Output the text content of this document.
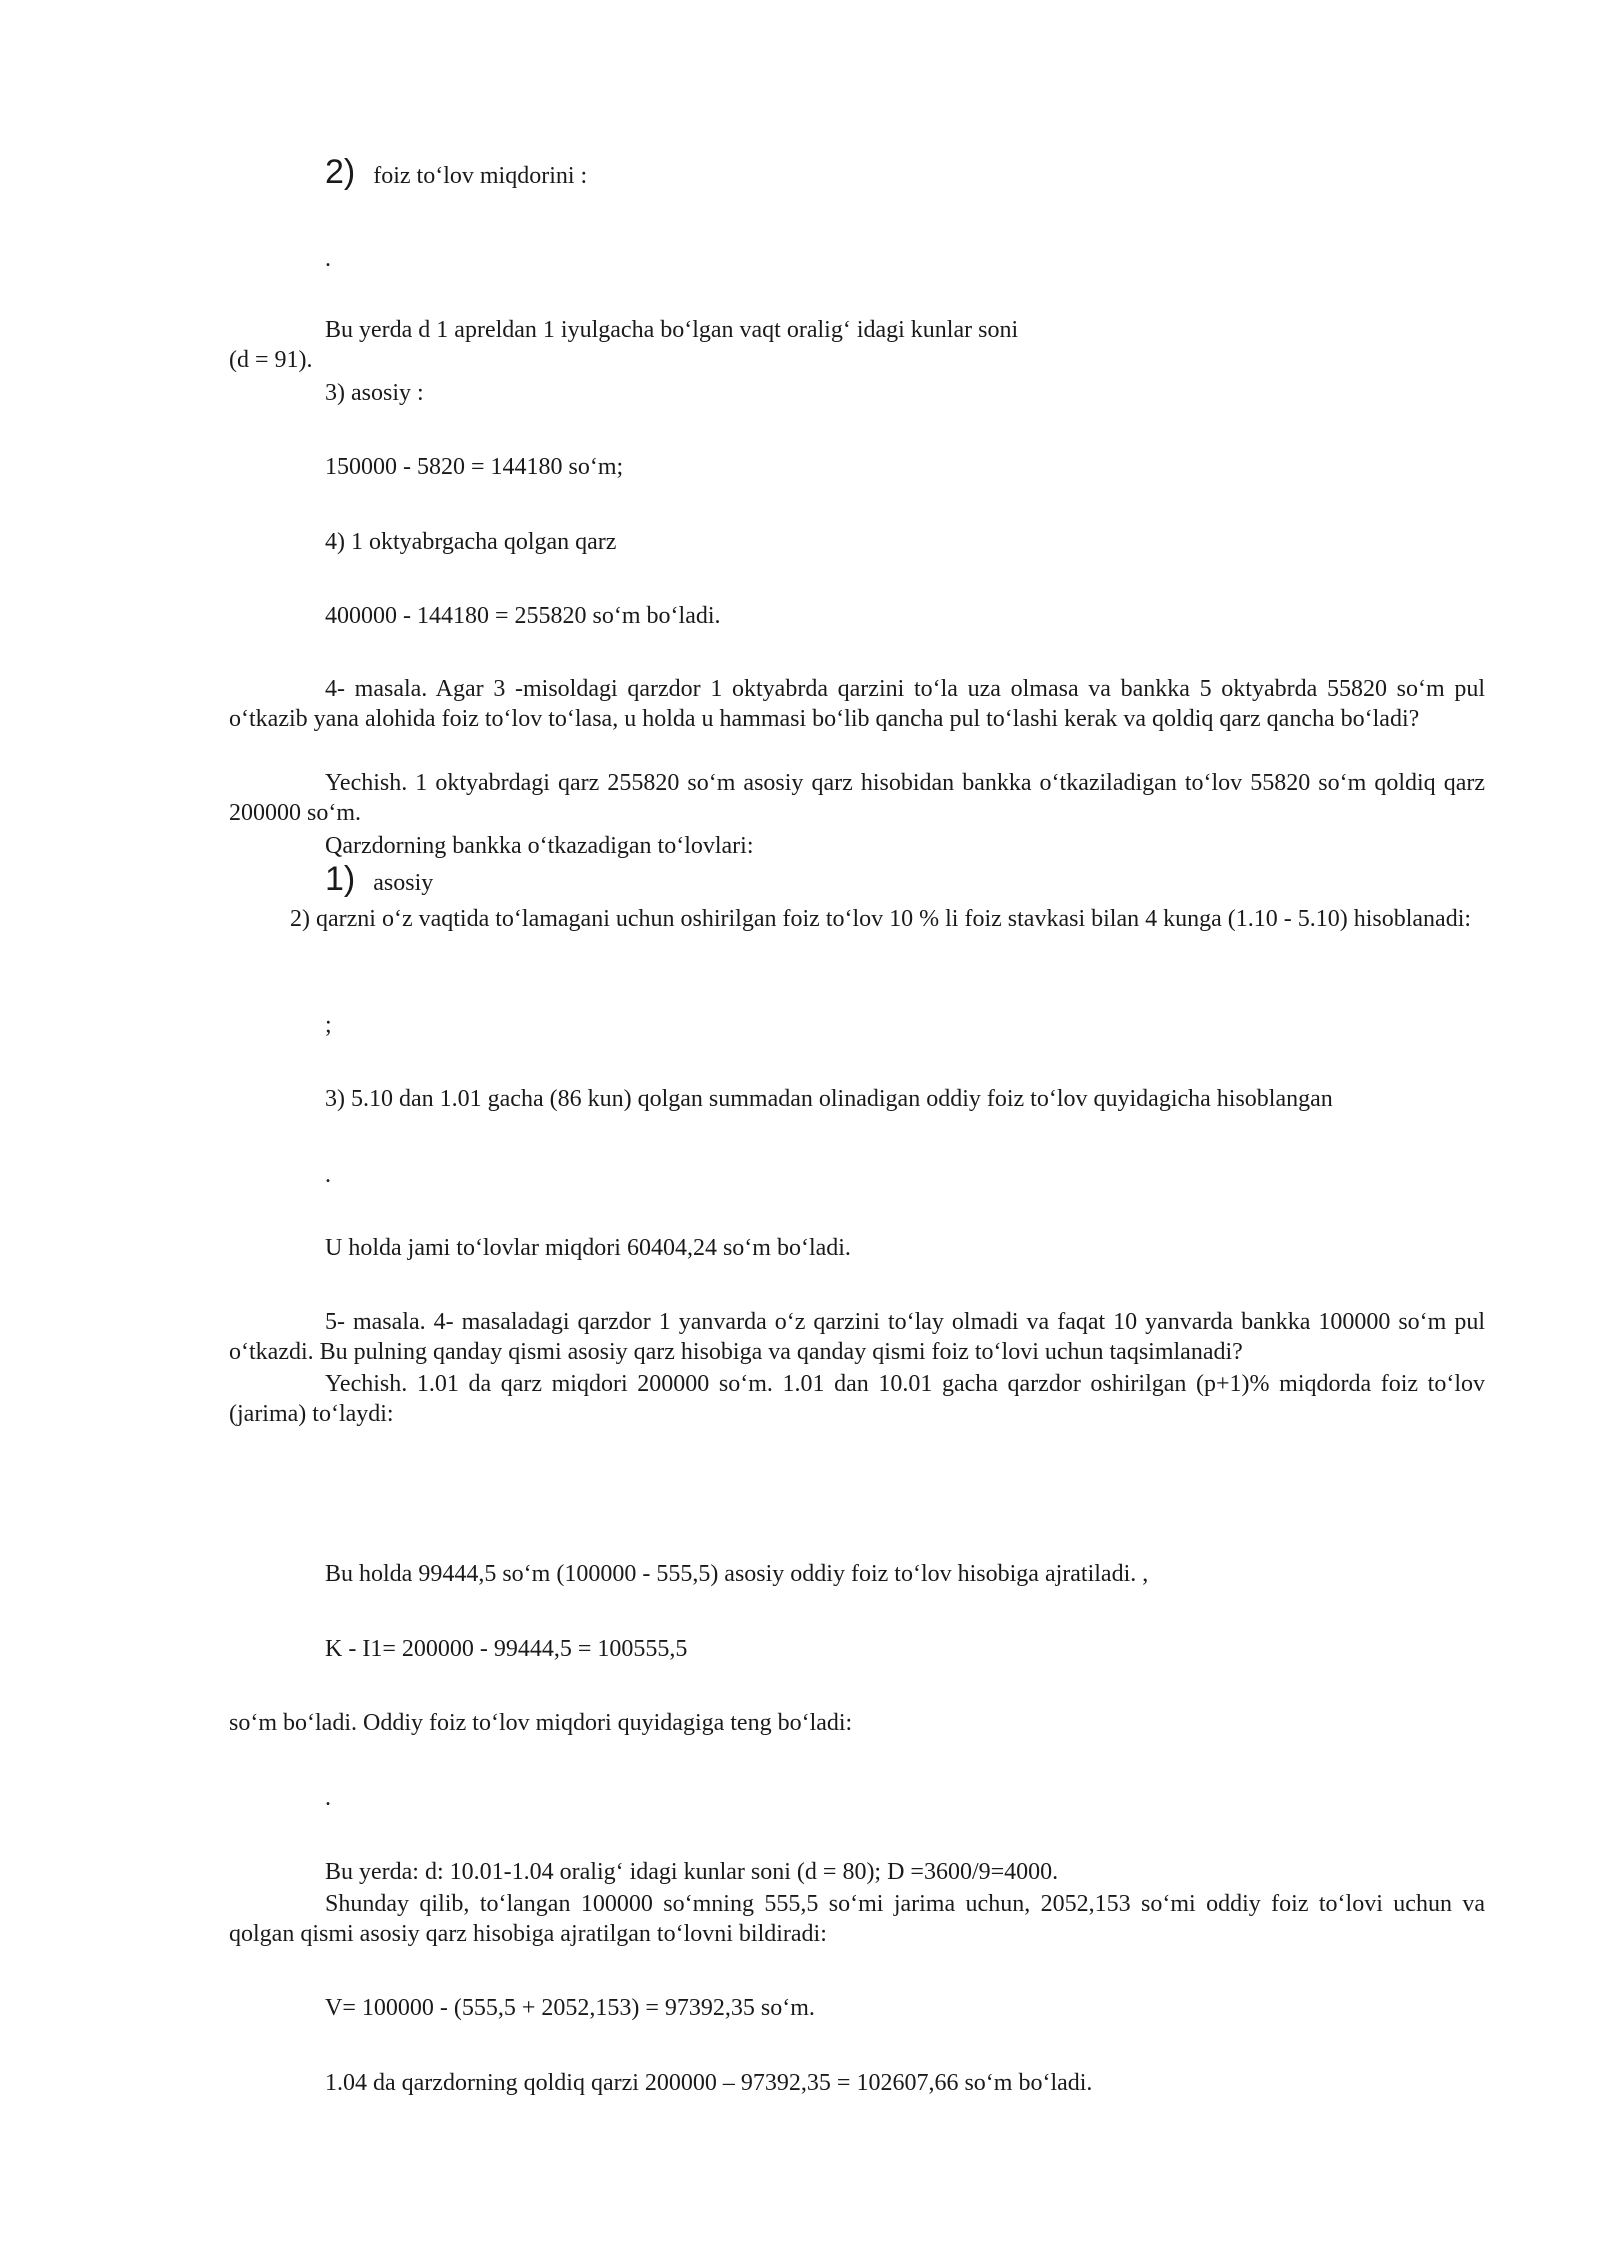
2) foiz to‘lov miqdorini :
.
Bu yerda d 1 apreldan 1 iyulgacha bo‘lgan vaqt oralig‘ idagi kunlar soni
(d = 91).
3) asosiy :
150000 - 5820 = 144180 so‘m;
4) 1 oktyabrgacha qolgan qarz
400000 - 144180 = 255820 so‘m bo‘ladi.
4- masala. Agar 3 -misoldagi qarzdor 1 oktyabrda qarzini to‘la uza olmasa va bankka 5 oktyabrda 55820 so‘m pul o‘tkazib yana alohida foiz to‘lov to‘lasa, u holda u hammasi bo‘lib qancha pul to‘lashi kerak va qoldiq qarz qancha bo‘ladi?
Yechish. 1 oktyabrdagi qarz 255820 so‘m asosiy qarz hisobidan bankka o‘tkaziladigan to‘lov 55820 so‘m qoldiq qarz 200000 so‘m.
Qarzdorning bankka o‘tkazadigan to‘lovlari:
1) asosiy
2) qarzni o‘z vaqtida to‘lamagani uchun oshirilgan foiz to‘lov 10 % li foiz stavkasi bilan 4 kunga (1.10 - 5.10) hisoblanadi:
;
3) 5.10 dan 1.01 gacha (86 kun) qolgan summadan olinadigan oddiy foiz to‘lov quyidagicha hisoblangan
.
U holda jami to‘lovlar miqdori 60404,24 so‘m bo‘ladi.
5- masala. 4- masaladagi qarzdor 1 yanvarda o‘z qarzini to‘lay olmadi va faqat 10 yanvarda bankka 100000 so‘m pul o‘tkazdi. Bu pulning qanday qismi asosiy qarz hisobiga va qanday qismi foiz to‘lovi uchun taqsimlanadi?
Yechish. 1.01 da qarz miqdori 200000 so‘m. 1.01 dan 10.01 gacha qarzdor oshirilgan (p+1)% miqdorda foiz to‘lov (jarima) to‘laydi:
Bu holda 99444,5 so‘m (100000 - 555,5) asosiy oddiy foiz to‘lov hisobiga ajratiladi. ,
K - I1= 200000 - 99444,5 = 100555,5
so‘m bo‘ladi. Oddiy foiz to‘lov miqdori quyidagiga teng bo‘ladi:
.
Bu yerda: d: 10.01-1.04 oralig‘ idagi kunlar soni (d = 80); D =3600/9=4000.
Shunday qilib, to‘langan 100000 so‘mning 555,5 so‘mi jarima uchun, 2052,153 so‘mi oddiy foiz to‘lovi uchun va qolgan qismi asosiy qarz hisobiga ajratilgan to‘lovni bildiradi:
V= 100000 - (555,5 + 2052,153) = 97392,35 so‘m.
1.04 da qarzdorning qoldiq qarzi 200000 – 97392,35 = 102607,66 so‘m bo‘ladi.
